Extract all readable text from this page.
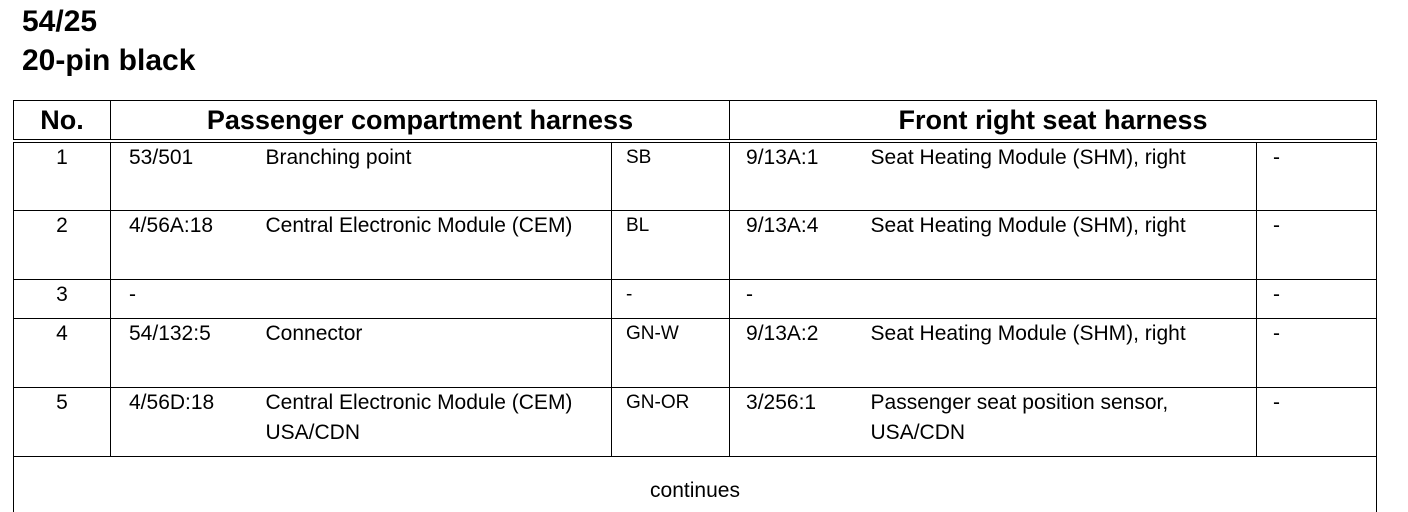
54/25
20-pin black
No.	Passenger compartment harness			Front right seat harness		
1	53/501	Branching point	SB	9/13A:1	Seat Heating Module (SHM), right	-
2	4/56A:18	Central Electronic Module (CEM)	BL	9/13A:4	Seat Heating Module (SHM), right	-
3	-		-	-		-
4	54/132:5	Connector	GN-W	9/13A:2	Seat Heating Module (SHM), right	-
5	4/56D:18	Central Electronic Module (CEM) USA/CDN	GN-OR	3/256:1	Passenger seat position sensor, USA/CDN	-
continues						
